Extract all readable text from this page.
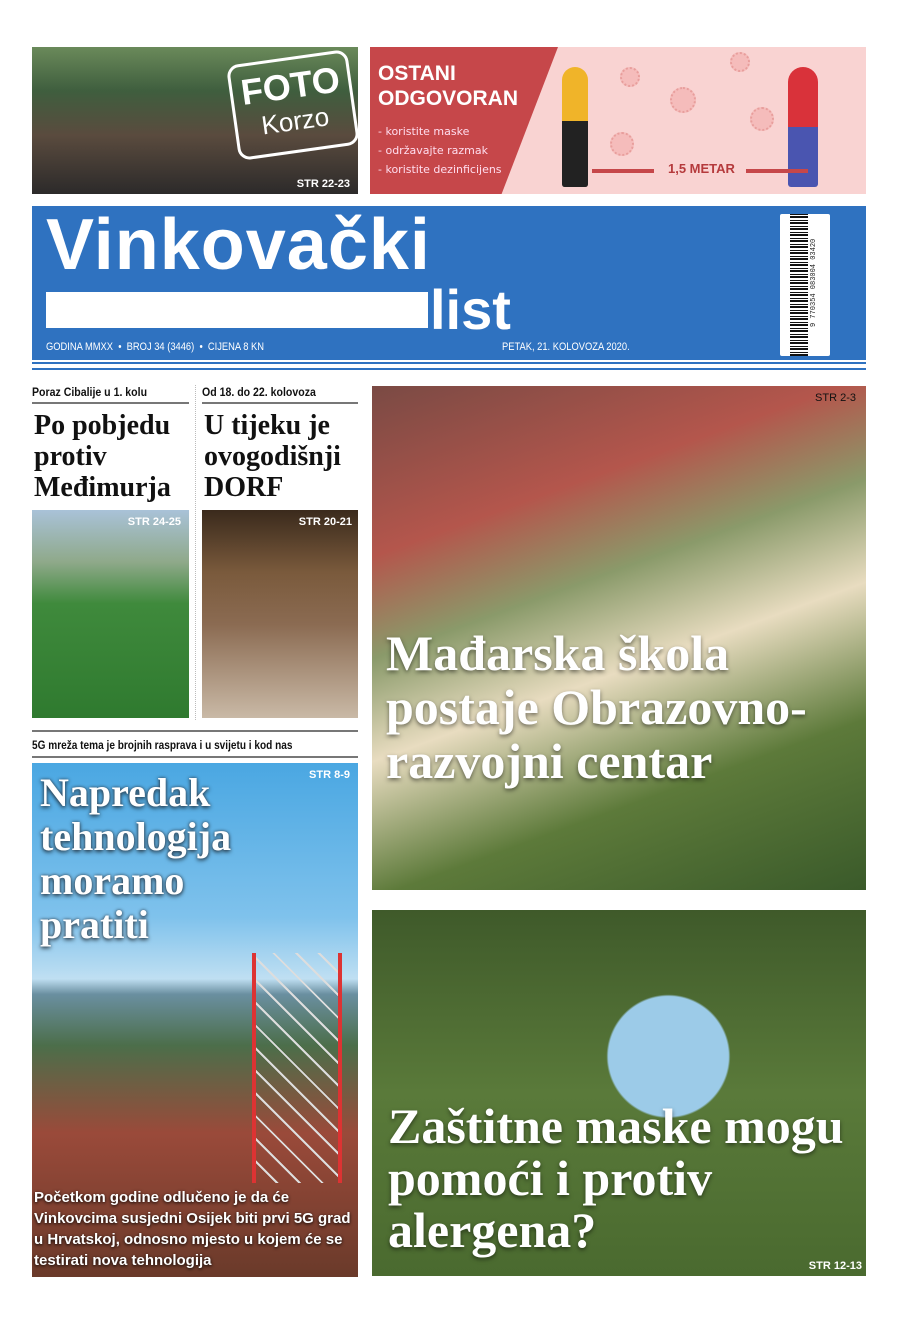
FOTO
Korzo
STR 22-23
OSTANI
ODGOVORAN
- koristite maske
- održavajte razmak
- koristite dezinficijens	1,5 METAR
Vinkovački
list
GODINA MMXX  •  BROJ 34 (3446)  •  CIJENA 8 KN	PETAK, 21. KOLOVOZA 2020.
9 770354 083004 03420
Poraz Cibalije u 1. kolu
Po pobjedu protiv Međimurja
STR 24-25
Od 18. do 22. kolovoza
U tijeku je ovogodišnji DORF
STR 20-21
5G mreža tema je brojnih rasprava i u svijetu i kod nas
STR 8-9
Napredak tehnologija moramo pratiti
Početkom godine odlučeno je da će Vinkovcima susjedni Osijek biti prvi 5G grad u Hrvatskoj, odnosno mjesto u kojem će se testirati nova tehnologija
STR 2-3
Mađarska škola postaje Obrazovno-razvojni centar
Zaštitne maske mogu pomoći i protiv alergena?
STR 12-13
